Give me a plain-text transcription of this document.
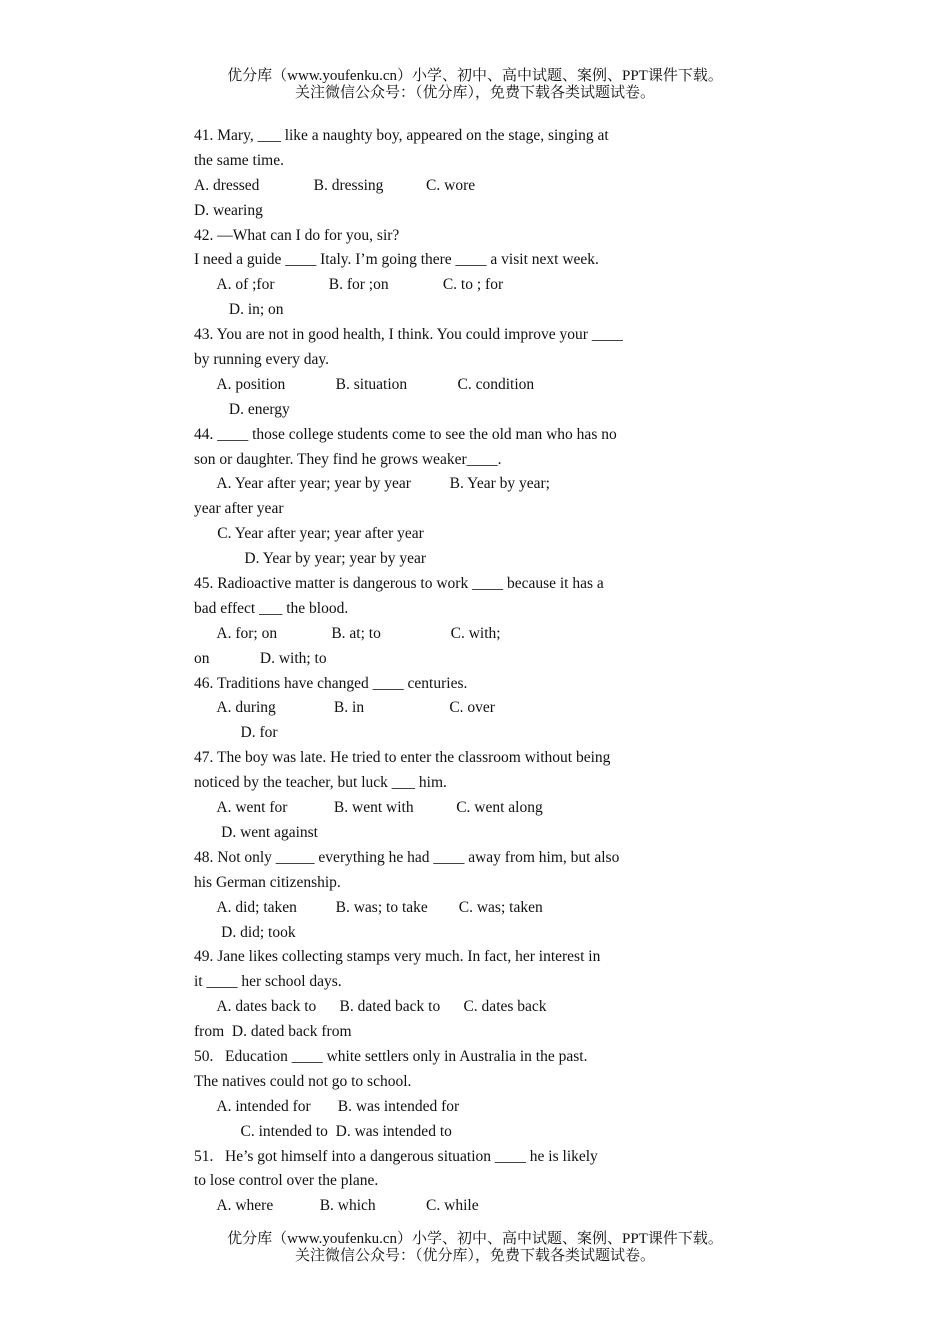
优分库（www.youfenku.cn）小学、初中、高中试题、案例、PPT课件下载。
关注微信公众号：（优分库），免费下载各类试题试卷。
41. Mary, ___ like a naughty boy, appeared on the stage, singing at
the same time.
A. dressed              B. dressing           C. wore
D. wearing
42. —What can I do for you, sir?
I need a guide ____ Italy. I’m going there ____ a visit next week.
A. of ;for              B. for ;on              C. to ; for
D. in; on
43. You are not in good health, I think. You could improve your ____
by running every day.
A. position             B. situation             C. condition
D. energy
44. ____ those college students come to see the old man who has no
son or daughter. They find he grows weaker____.
A. Year after year; year by year          B. Year by year;
year after year
C. Year after year; year after year
D. Year by year; year by year
45. Radioactive matter is dangerous to work ____ because it has a
bad effect ___ the blood.
A. for; on              B. at; to                  C. with;
on             D. with; to
46. Traditions have changed ____ centuries.
A. during               B. in                      C. over
D. for
47. The boy was late. He tried to enter the classroom without being
noticed by the teacher, but luck ___ him.
A. went for            B. went with           C. went along
D. went against
48. Not only _____ everything he had ____ away from him, but also
his German citizenship.
A. did; taken          B. was; to take        C. was; taken
D. did; took
49. Jane likes collecting stamps very much. In fact, her interest in
it ____ her school days.
A. dates back to      B. dated back to      C. dates back
from  D. dated back from
50.   Education ____ white settlers only in Australia in the past.
The natives could not go to school.
A. intended for       B. was intended for
C. intended to  D. was intended to
51.   He’s got himself into a dangerous situation ____ he is likely
to lose control over the plane.
A. where            B. which             C. while
优分库（www.youfenku.cn）小学、初中、高中试题、案例、PPT课件下载。
关注微信公众号：（优分库），免费下载各类试题试卷。
